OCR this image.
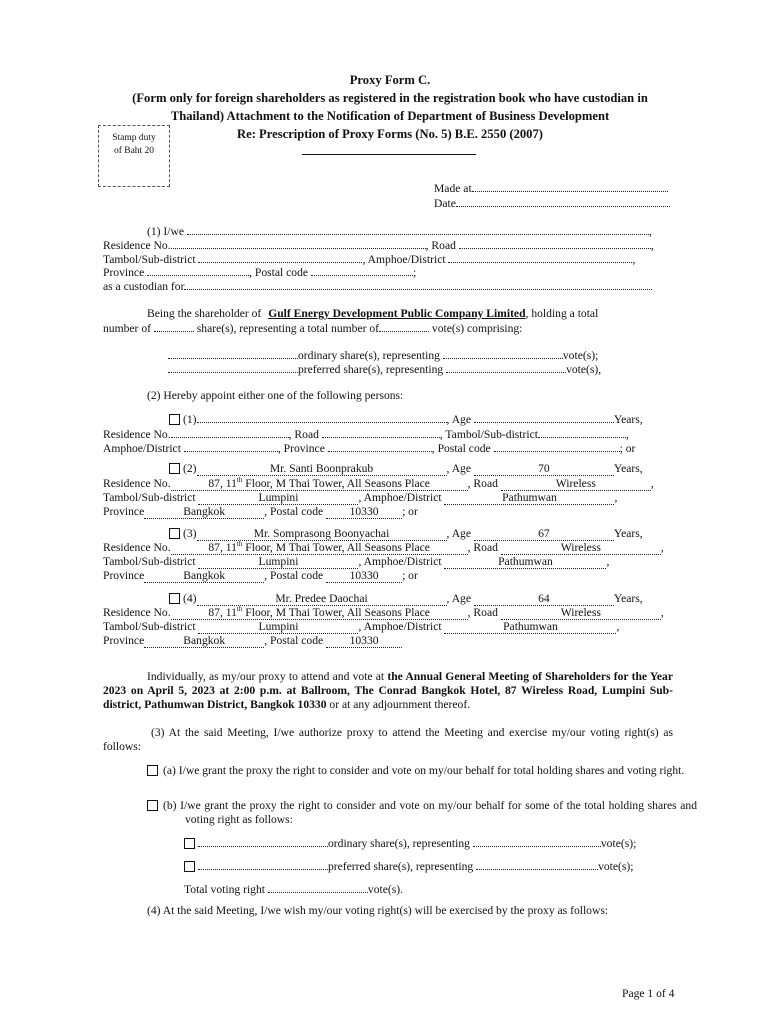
Proxy Form C.
(Form only for foreign shareholders as registered in the registration book who have custodian in
Thailand) Attachment to the Notification of Department of Business Development
Re: Prescription of Proxy Forms (No. 5) B.E. 2550 (2007)
Stamp duty
of Baht 20
Made at
Date
(1) I/we	,
Residence No.	, Road	,
Tambol/Sub-district	, Amphoe/District	,
Province	, Postal code	;
as a custodian for
Being the shareholder of Gulf Energy Development Public Company Limited, holding a total
number of	share(s), representing a total number of	vote(s) comprising:
ordinary share(s), representing	vote(s);
preferred share(s), representing	vote(s),
(2) Hereby appoint either one of the following persons:
(1)	, Age	Years,
Residence No.	, Road	, Tambol/Sub-district	,
Amphoe/District	, Province	, Postal code	; or
(2)	Mr. Santi Boonprakub	, Age	70	Years,
Residence No.	87, 11th Floor, M Thai Tower, All Seasons Place	, Road	Wireless	,
Tambol/Sub-district	Lumpini	, Amphoe/District	Pathumwan	,
Province	Bangkok	, Postal code 10330 ; or
(3)	Mr. Somprasong Boonyachai	, Age	67	Years,
Residence No.	87, 11th Floor, M Thai Tower, All Seasons Place	, Road	Wireless	,
Tambol/Sub-district	Lumpini	, Amphoe/District	Pathumwan	,
Province	Bangkok	, Postal code 10330 ; or
(4)	Mr. Predee Daochai	, Age	64	Years,
Residence No.	87, 11th Floor, M Thai Tower, All Seasons Place	, Road	Wireless	,
Tambol/Sub-district	Lumpini	, Amphoe/District	Pathumwan	,
Province	Bangkok	, Postal code 10330
Individually, as my/our proxy to attend and vote at the Annual General Meeting of Shareholders for the Year 2023 on April 5, 2023 at 2:00 p.m. at Ballroom, The Conrad Bangkok Hotel, 87 Wireless Road, Lumpini Sub-district, Pathumwan District, Bangkok 10330 or at any adjournment thereof.
(3) At the said Meeting, I/we authorize proxy to attend the Meeting and exercise my/our voting right(s) as follows:
(a) I/we grant the proxy the right to consider and vote on my/our behalf for total holding shares and voting right.
(b) I/we grant the proxy the right to consider and vote on my/our behalf for some of the total holding shares and voting right as follows:
ordinary share(s), representing	vote(s);
preferred share(s), representing	vote(s);
Total voting right	vote(s).
(4) At the said Meeting, I/we wish my/our voting right(s) will be exercised by the proxy as follows:
Page 1 of 4
